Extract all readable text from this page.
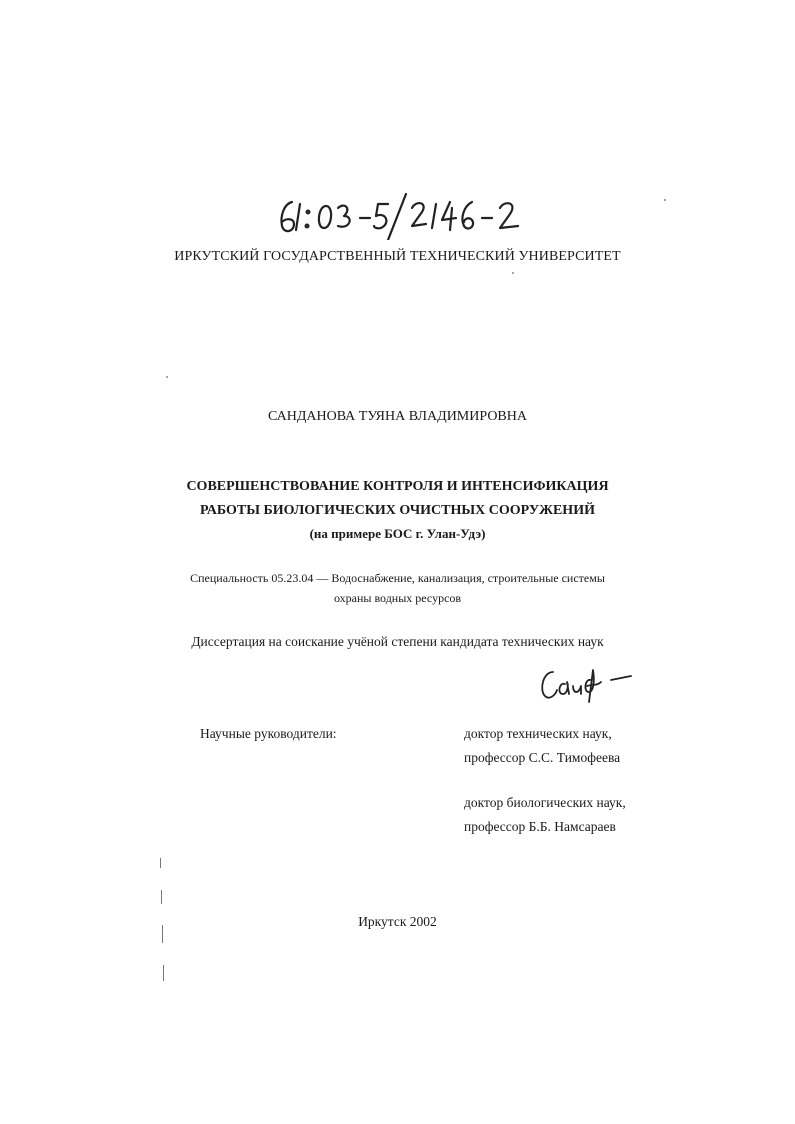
ИРКУТСКИЙ ГОСУДАРСТВЕННЫЙ ТЕХНИЧЕСКИЙ УНИВЕРСИТЕТ
САНДАНОВА ТУЯНА ВЛАДИМИРОВНА
СОВЕРШЕНСТВОВАНИЕ КОНТРОЛЯ И ИНТЕНСИФИКАЦИЯ
РАБОТЫ БИОЛОГИЧЕСКИХ ОЧИСТНЫХ СООРУЖЕНИЙ
(на примере БОС г. Улан-Удэ)
Специальность 05.23.04 — Водоснабжение, канализация, строительные системы
охраны водных ресурсов
Диссертация на соискание учёной степени кандидата технических наук
Научные руководители:	доктор технических наук,
профессор С.С. Тимофеева
доктор биологических наук,
профессор Б.Б. Намсараев
Иркутск 2002
